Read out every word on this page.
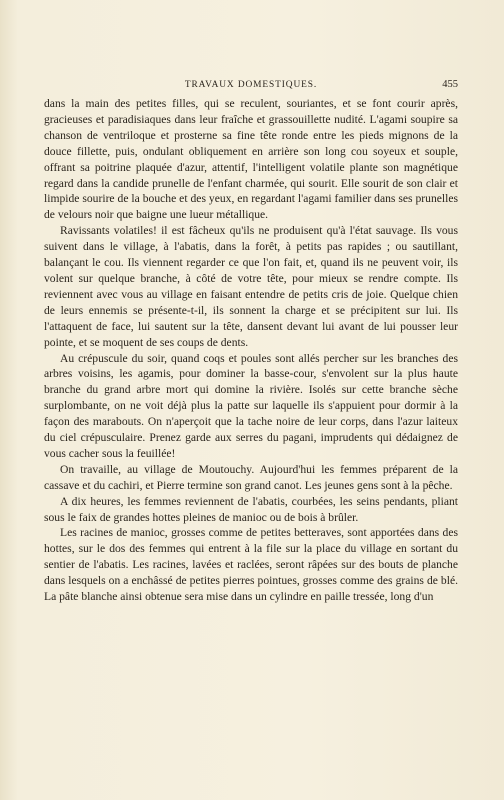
TRAVAUX DOMESTIQUES.	455

dans la main des petites filles, qui se reculent, souriantes, et se font courir après, gracieuses et paradisiaques dans leur fraîche et grassouillette nudité. L'agami soupire sa chanson de ventriloque et prosterne sa fine tête ronde entre les pieds mignons de la douce fillette, puis, ondulant obliquement en arrière son long cou soyeux et souple, offrant sa poitrine plaquée d'azur, attentif, l'intelligent volatile plante son magnétique regard dans la candide prunelle de l'enfant charmée, qui sourit. Elle sourit de son clair et limpide sourire de la bouche et des yeux, en regardant l'agami familier dans ses prunelles de velours noir que baigne une lueur métallique.

Ravissants volatiles! il est fâcheux qu'ils ne produisent qu'à l'état sauvage. Ils vous suivent dans le village, à l'abatis, dans la forêt, à petits pas rapides ; ou sautillant, balançant le cou. Ils viennent regarder ce que l'on fait, et, quand ils ne peuvent voir, ils volent sur quelque branche, à côté de votre tête, pour mieux se rendre compte. Ils reviennent avec vous au village en faisant entendre de petits cris de joie. Quelque chien de leurs ennemis se présente-t-il, ils sonnent la charge et se précipitent sur lui. Ils l'attaquent de face, lui sautent sur la tête, dansent devant lui avant de lui pousser leur pointe, et se moquent de ses coups de dents.

Au crépuscule du soir, quand coqs et poules sont allés percher sur les branches des arbres voisins, les agamis, pour dominer la basse-cour, s'envolent sur la plus haute branche du grand arbre mort qui domine la rivière. Isolés sur cette branche sèche surplombante, on ne voit déjà plus la patte sur laquelle ils s'appuient pour dormir à la façon des marabouts. On n'aperçoit que la tache noire de leur corps, dans l'azur laiteux du ciel crépusculaire. Prenez garde aux serres du pagani, imprudents qui dédaignez de vous cacher sous la feuillée!

On travaille, au village de Moutouchy. Aujourd'hui les femmes préparent de la cassave et du cachiri, et Pierre termine son grand canot. Les jeunes gens sont à la pêche.

A dix heures, les femmes reviennent de l'abatis, courbées, les seins pendants, pliant sous le faix de grandes hottes pleines de manioc ou de bois à brûler.

Les racines de manioc, grosses comme de petites betteraves, sont apportées dans des hottes, sur le dos des femmes qui entrent à la file sur la place du village en sortant du sentier de l'abatis. Les racines, lavées et raclées, seront râpées sur des bouts de planche dans lesquels on a enchâssé de petites pierres pointues, grosses comme des grains de blé. La pâte blanche ainsi obtenue sera mise dans un cylindre en paille tressée, long d'un
